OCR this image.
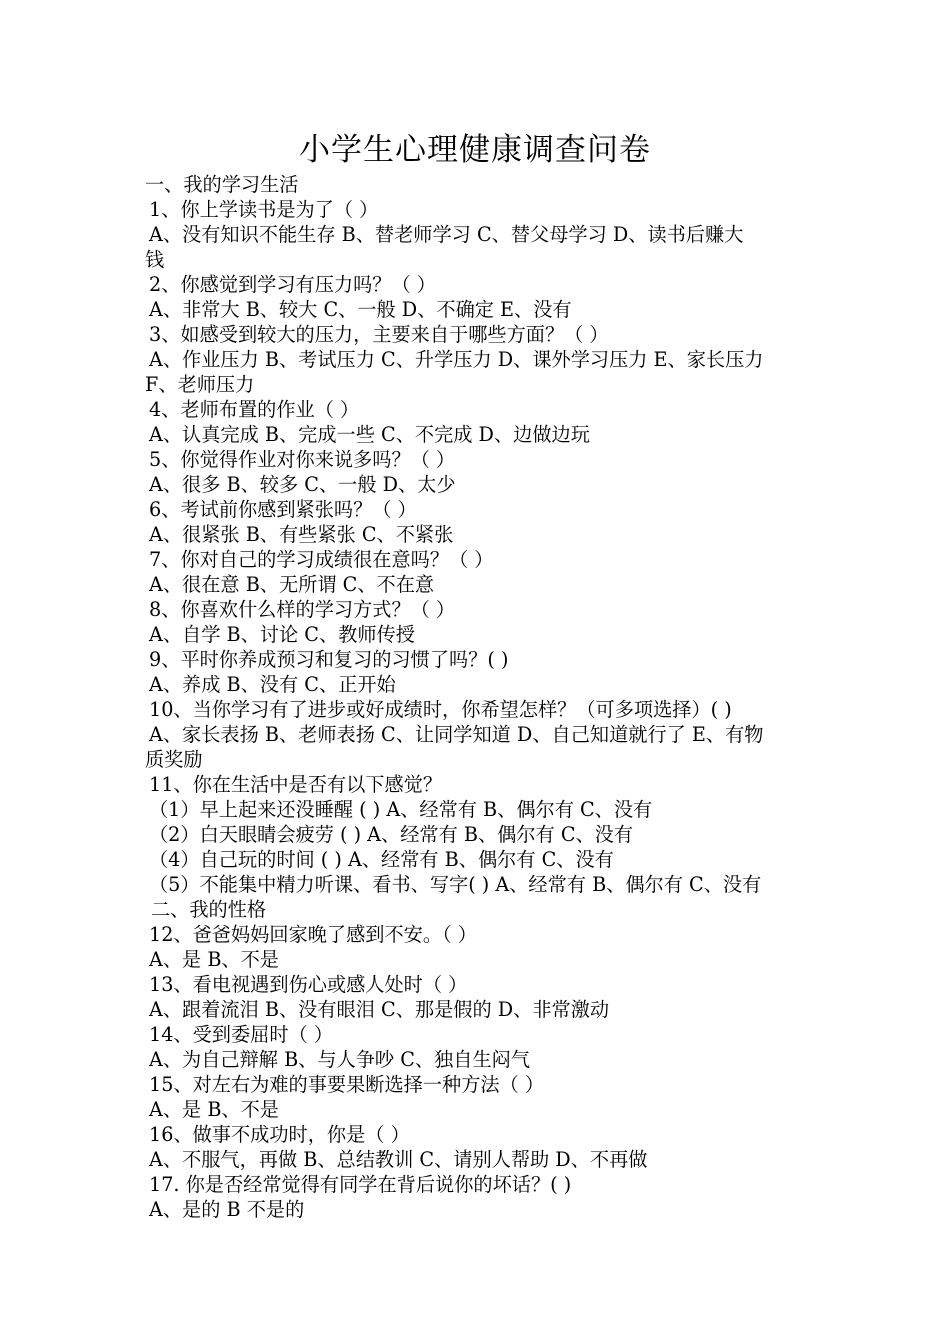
小学生心理健康调查问卷
一、我的学习生活
1、你上学读书是为了（ ）
A、没有知识不能生存 B、替老师学习 C、替父母学习 D、读书后赚大
钱
2、你感觉到学习有压力吗？（ ）
A、非常大 B、较大 C、一般 D、不确定 E、没有
3、如感受到较大的压力，主要来自于哪些方面？（ ）
A、作业压力 B、考试压力 C、升学压力 D、课外学习压力 E、家长压力
F、老师压力
4、老师布置的作业（ ）
A、认真完成 B、完成一些 C、不完成 D、边做边玩
5、你觉得作业对你来说多吗？（ ）
A、很多 B、较多 C、一般 D、太少
6、考试前你感到紧张吗？（ ）
A、很紧张 B、有些紧张 C、不紧张
7、你对自己的学习成绩很在意吗？（ ）
A、很在意 B、无所谓 C、不在意
8、你喜欢什么样的学习方式？（ ）
A、自学 B、讨论 C、教师传授
9、平时你养成预习和复习的习惯了吗？( )
A、养成 B、没有 C、正开始
10、当你学习有了进步或好成绩时，你希望怎样？（可多项选择）( )
A、家长表扬 B、老师表扬 C、让同学知道 D、自己知道就行了 E、有物
质奖励
11、你在生活中是否有以下感觉？
（1）早上起来还没睡醒 ( ) A、经常有 B、偶尔有 C、没有
（2）白天眼睛会疲劳 ( ) A、经常有 B、偶尔有 C、没有
（4）自己玩的时间 ( ) A、经常有 B、偶尔有 C、没有
（5）不能集中精力听课、看书、写字( ) A、经常有 B、偶尔有 C、没有
二、我的性格
12、爸爸妈妈回家晚了感到不安。（ ）
A、是 B、不是
13、看电视遇到伤心或感人处时（ ）
A、跟着流泪 B、没有眼泪 C、那是假的 D、非常激动
14、受到委屈时（ ）
A、为自己辩解 B、与人争吵 C、独自生闷气
15、对左右为难的事要果断选择一种方法（ ）
A、是 B、不是
16、做事不成功时，你是（ ）
A、不服气，再做 B、总结教训 C、请别人帮助 D、不再做
17. 你是否经常觉得有同学在背后说你的坏话？( )
A、是的 B 不是的
